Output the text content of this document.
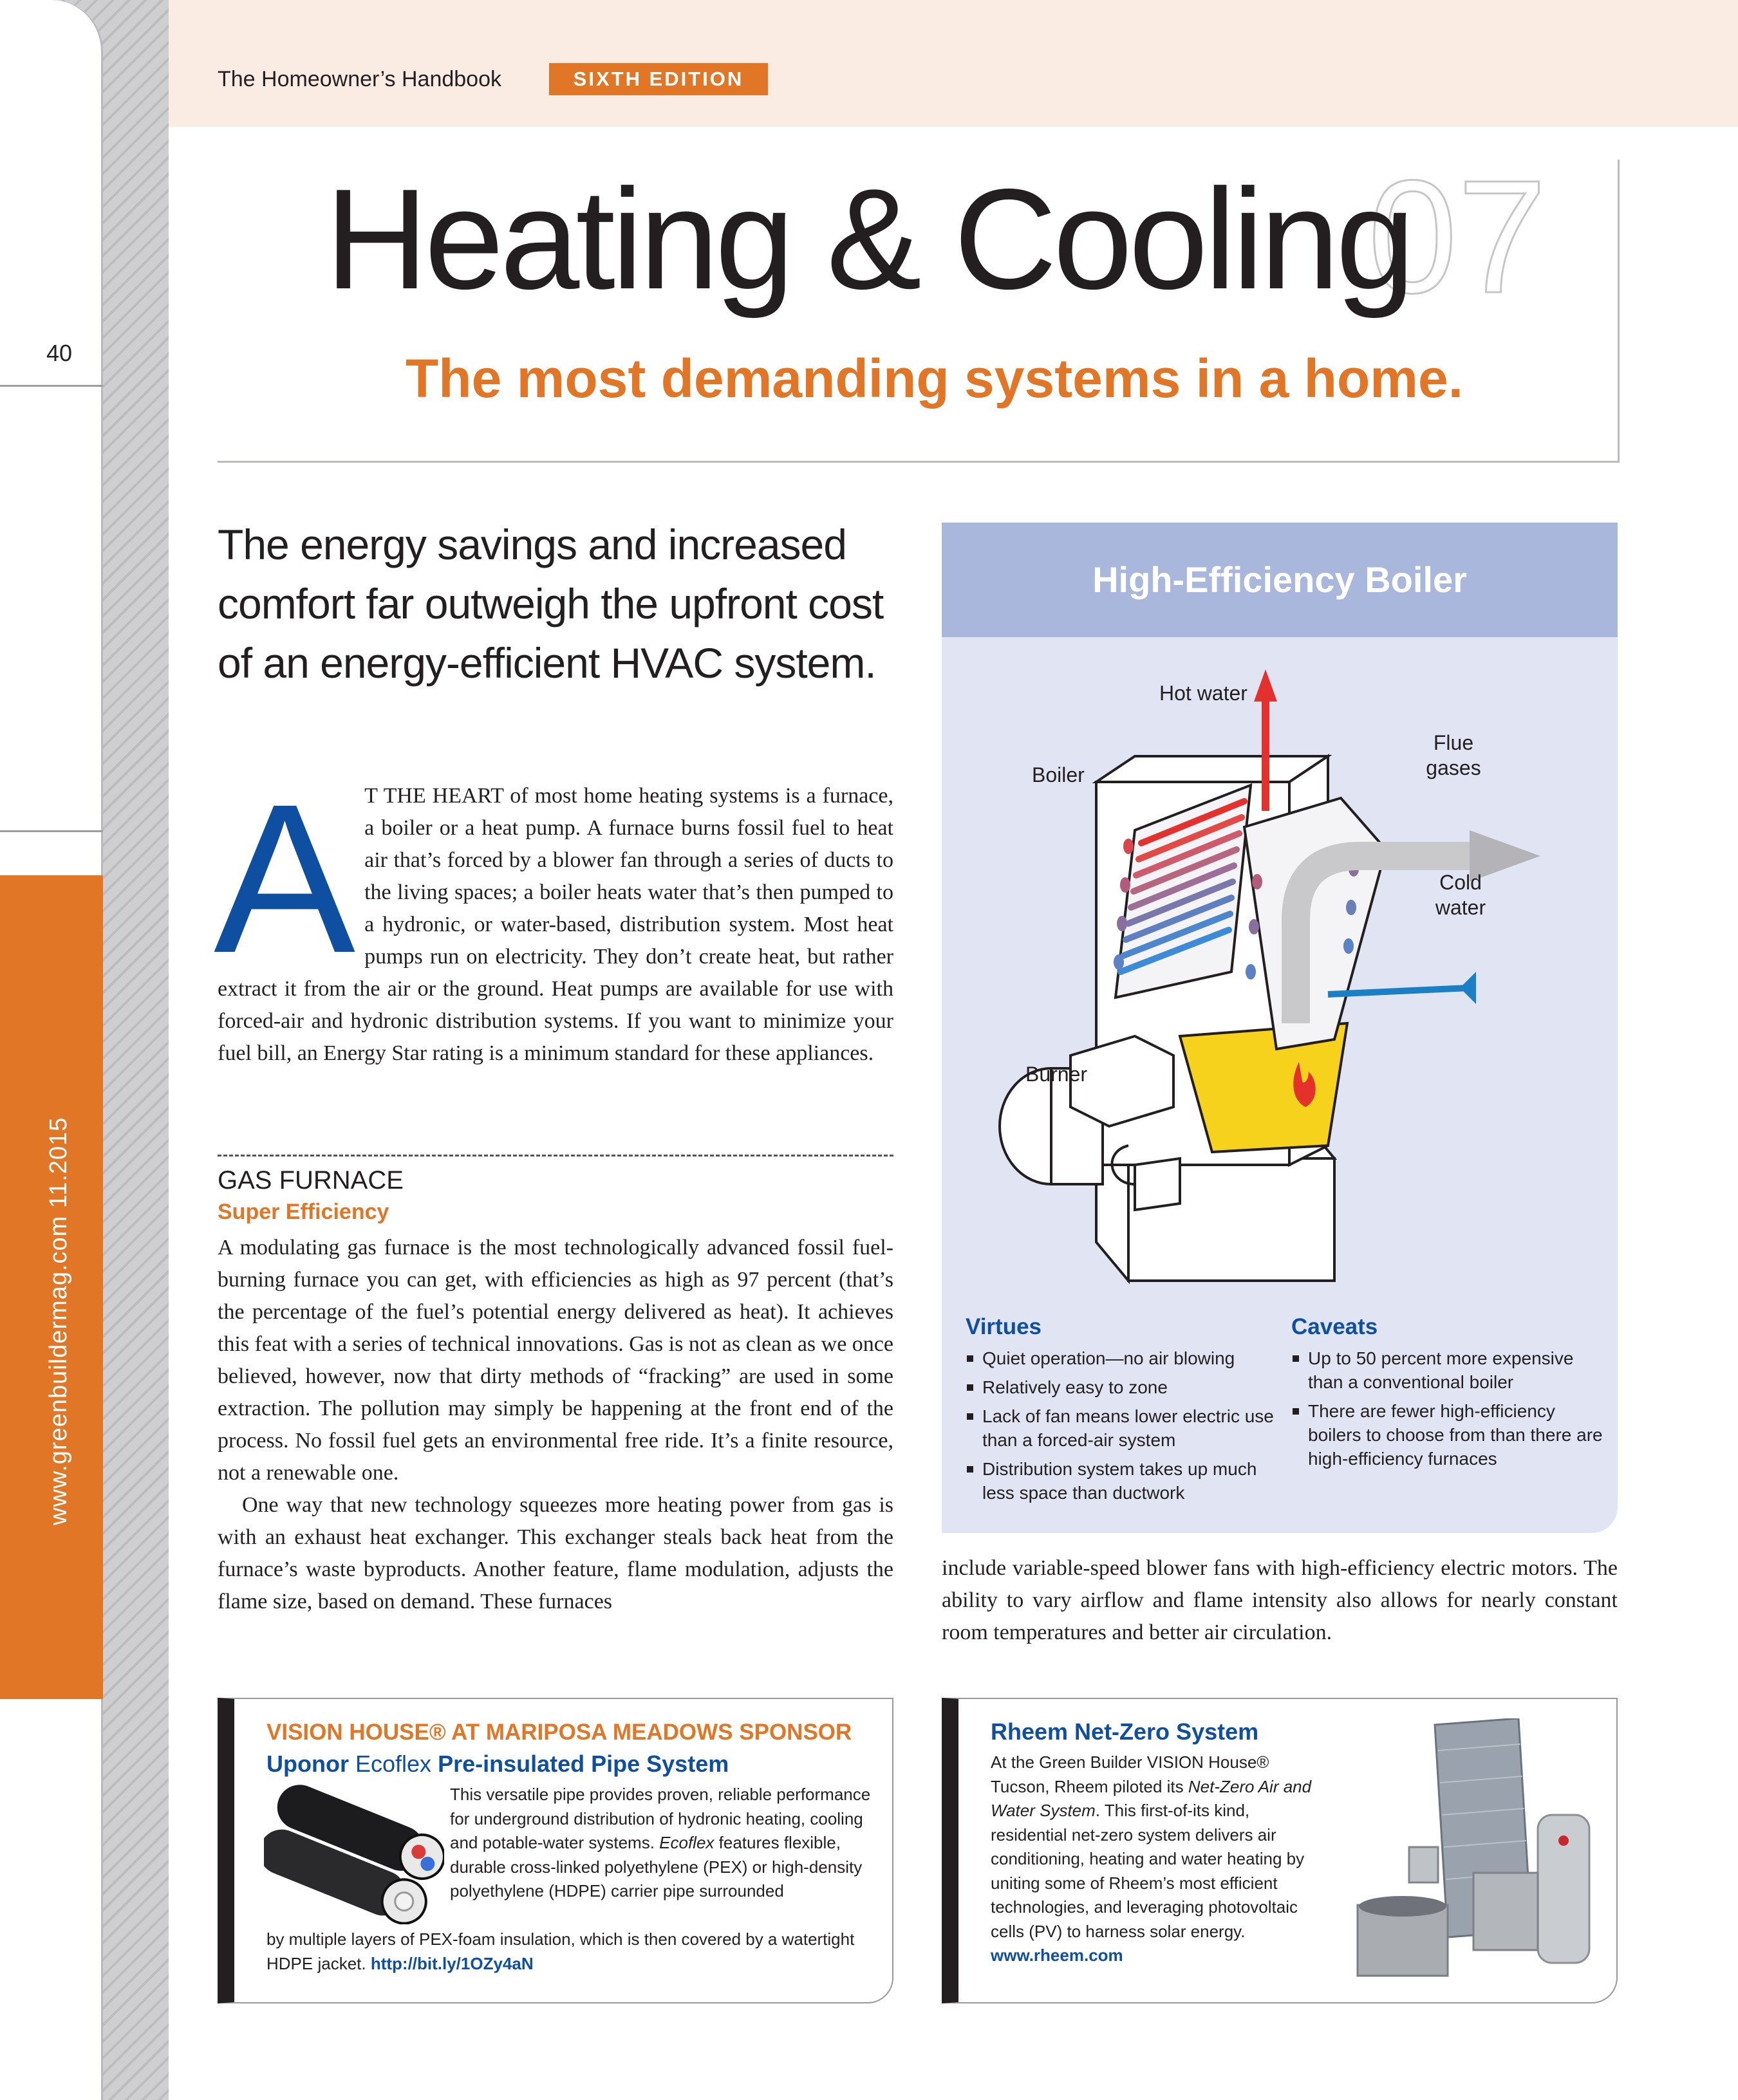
40
www.greenbuildermag.com 11.2015
The Homeowner’s Handbook	SIXTH EDITION
07
Heating & Cooling
The most demanding systems in a home.
The energy savings and increased comfort far outweigh the upfront cost of an energy-efficient HVAC system.
A T THE HEART of most home heating systems is a furnace, a boiler or a heat pump. A furnace burns fossil fuel to heat air that’s forced by a blower fan through a series of ducts to the living spaces; a boiler heats water that’s then pumped to a hydronic, or water-based, distribution system. Most heat pumps run on electricity. They don’t create heat, but rather extract it from the air or the ground. Heat pumps are available for use with forced-air and hydronic distribution systems. If you want to minimize your fuel bill, an Energy Star rating is a minimum standard for these appliances.
GAS FURNACE
Super Efficiency

A modulating gas furnace is the most technologically advanced fossil fuel-burning furnace you can get, with efficiencies as high as 97 percent (that’s the percentage of the fuel’s potential energy delivered as heat). It achieves this feat with a series of technical innovations. Gas is not as clean as we once believed, however, now that dirty methods of “fracking” are used in some extraction. The pollution may simply be happening at the front end of the process. No fossil fuel gets an environmental free ride. It’s a finite resource, not a renewable one.

One way that new technology squeezes more heating power from gas is with an exhaust heat exchanger. This exchanger steals back heat from the furnace’s waste byproducts. Another feature, flame modulation, adjusts the flame size, based on demand. These furnaces

include variable-speed blower fans with high-efficiency electric motors. The ability to vary airflow and flame intensity also allows for nearly constant room temperatures and better air circulation.
High-Efficiency Boiler
Hot water
Boiler
Flue
gases
Cold
water
Burner
Virtues
Quiet operation—no air blowing
Relatively easy to zone
Lack of fan means lower electric use than a forced-air system
Distribution system takes up much less space than ductwork
Caveats
Up to 50 percent more expensive than a conventional boiler
There are fewer high-efficiency boilers to choose from than there are high-efficiency furnaces
VISION HOUSE® AT MARIPOSA MEADOWS SPONSOR
Uponor Ecoflex Pre-insulated Pipe System
This versatile pipe provides proven, reliable performance for underground distribution of hydronic heating, cooling and potable-water systems. Ecoflex features flexible, durable cross-linked polyethylene (PEX) or high-density polyethylene (HDPE) carrier pipe surrounded
by multiple layers of PEX-foam insulation, which is then covered by a watertight HDPE jacket. http://bit.ly/1OZy4aN
Rheem Net-Zero System
At the Green Builder VISION House® Tucson, Rheem piloted its Net-Zero Air and Water System. This first-of-its kind, residential net-zero system delivers air conditioning, heating and water heating by uniting some of Rheem’s most efficient technologies, and leveraging photovoltaic cells (PV) to harness solar energy. www.rheem.com
